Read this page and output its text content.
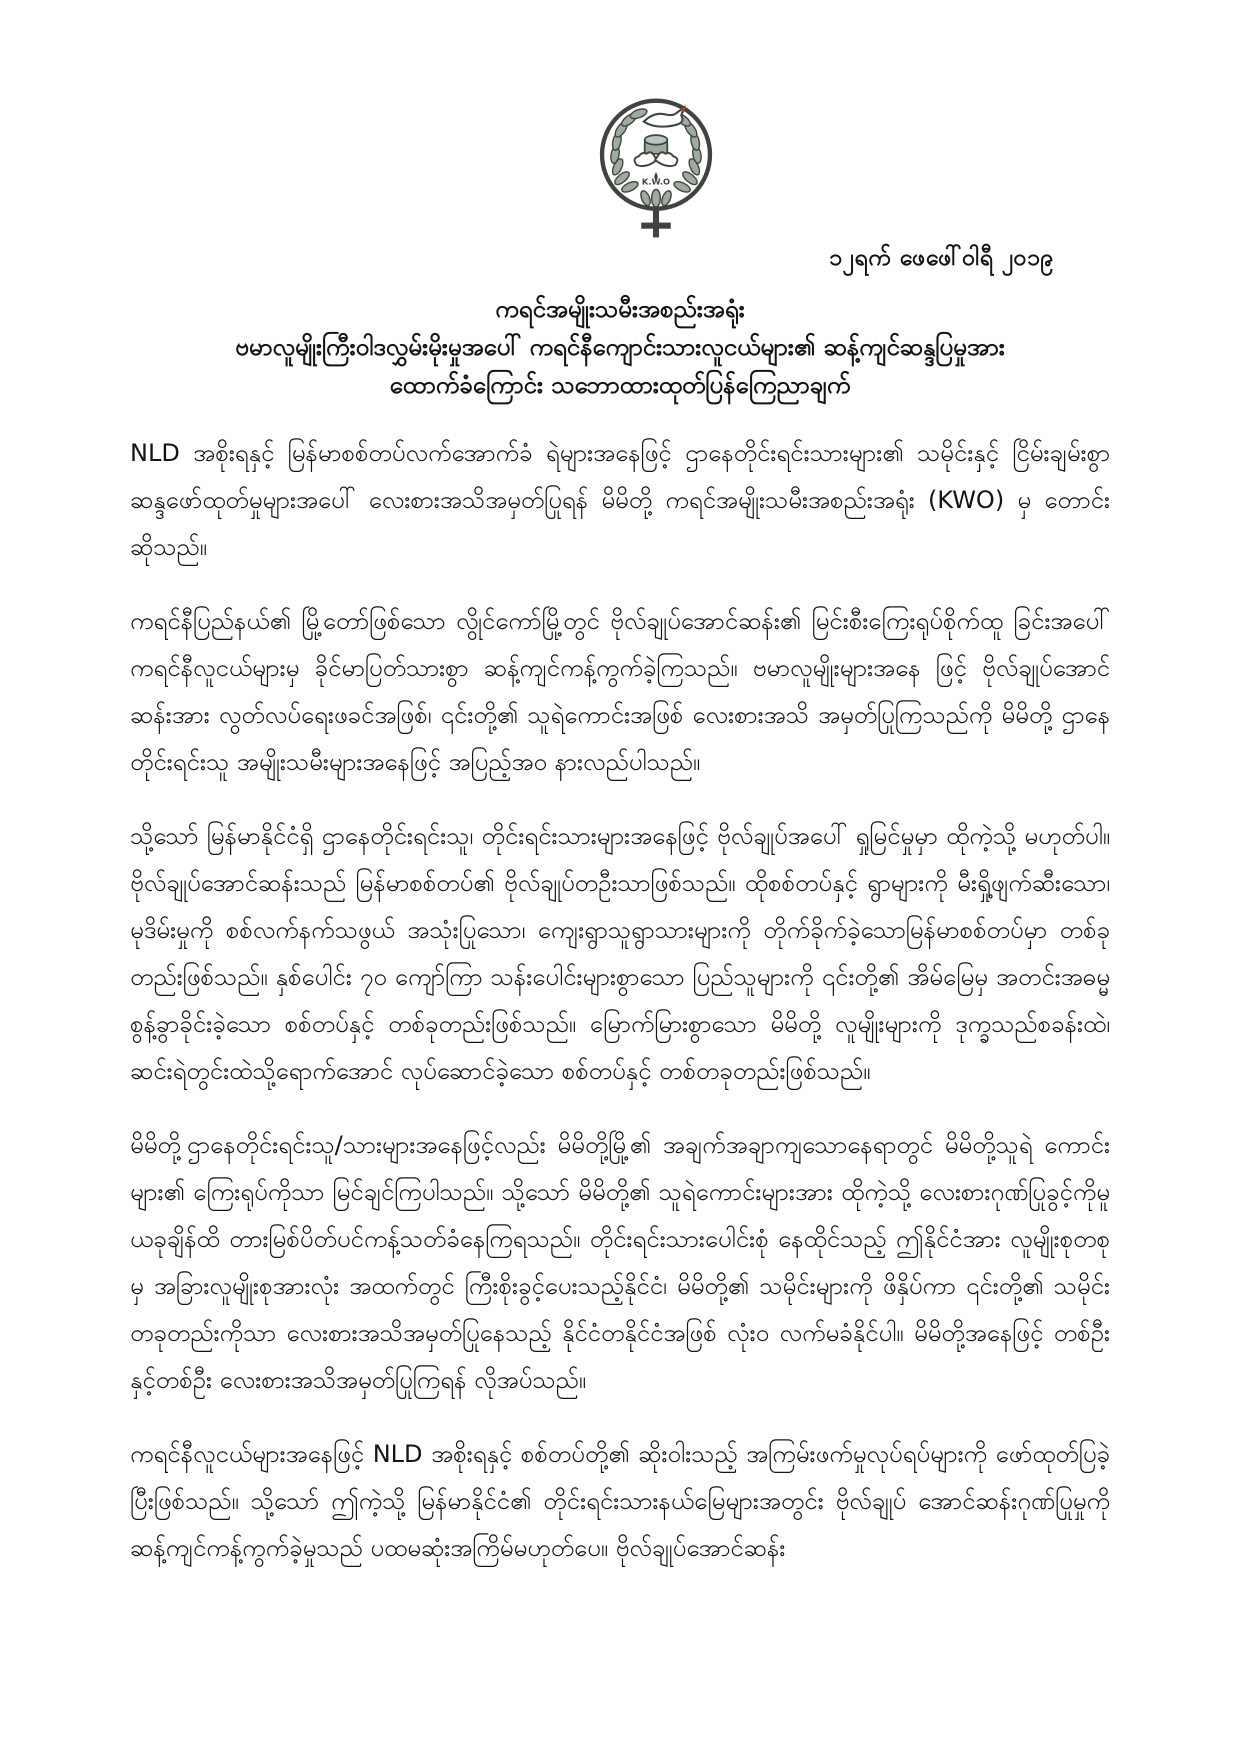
K.W.O
၁၂ရက် ဖေဖေါ်ဝါရီ ၂၀၁၉
ကရင်အမျိုးသမီးအစည်းအရုံး
ဗမာလူမျိုးကြီးဝါဒလွှမ်းမိုးမှုအပေါ် ကရင်နီကျောင်းသားလူငယ်များ၏ ဆန့်ကျင်ဆန္ဒပြမှုအား
ထောက်ခံကြောင်း သဘောထားထုတ်ပြန်ကြေညာချက်

NLD အစိုးရနှင့် မြန်မာစစ်တပ်လက်အောက်ခံ ရဲများအနေဖြင့် ဌာနေတိုင်းရင်းသားများ၏ သမိုင်းနှင့် ငြိမ်းချမ်းစွာ ဆန္ဒဖော်ထုတ်မှုများအပေါ် လေးစားအသိအမှတ်ပြုရန် မိမိတို့ ကရင်အမျိုးသမီးအစည်းအရုံး (KWO) မှ တောင်းဆိုသည်။

ကရင်နီပြည်နယ်၏ မြို့တော်ဖြစ်သော လွိုင်ကော်မြို့တွင် ဗိုလ်ချုပ်အောင်ဆန်း၏ မြင်းစီးကြေးရုပ်စိုက်ထူ ခြင်းအပေါ် ကရင်နီလူငယ်များမှ ခိုင်မာပြတ်သားစွာ ဆန့်ကျင်ကန့်ကွက်ခဲ့ကြသည်။ ဗမာလူမျိုးများအနေ ဖြင့် ဗိုလ်ချုပ်အောင်ဆန်းအား လွတ်လပ်ရေးဖခင်အဖြစ်၊ ၎င်းတို့၏ သူရဲကောင်းအဖြစ် လေးစားအသိ အမှတ်ပြုကြသည်ကို မိမိတို့ ဌာနေတိုင်းရင်းသူ အမျိုးသမီးများအနေဖြင့် အပြည့်အဝ နားလည်ပါသည်။

သို့သော် မြန်မာနိုင်ငံရှိ ဌာနေတိုင်းရင်းသူ၊ တိုင်းရင်းသားများအနေဖြင့် ဗိုလ်ချုပ်အပေါ် ရှုမြင်မှုမှာ ထိုကဲ့သို့ မဟုတ်ပါ။ ဗိုလ်ချုပ်အောင်ဆန်းသည် မြန်မာစစ်တပ်၏ ဗိုလ်ချုပ်တဦးသာဖြစ်သည်။ ထိုစစ်တပ်နှင့် ရွာများကို မီးရှို့ဖျက်ဆီးသော၊ မုဒိမ်းမှုကို စစ်လက်နက်သဖွယ် အသုံးပြုသော၊ ကျေးရွာသူရွာသားများကို တိုက်ခိုက်ခဲ့သောမြန်မာစစ်တပ်မှာ တစ်ခုတည်းဖြစ်သည်။ နှစ်ပေါင်း ၇၀ ကျော်ကြာ သန်းပေါင်းများစွာသော ပြည်သူများကို ၎င်းတို့၏ အိမ်မြေမှ အတင်းအဓမ္မ စွန့်ခွာခိုင်းခဲ့သော စစ်တပ်နှင့် တစ်ခုတည်းဖြစ်သည်။ မြောက်မြားစွာသော မိမိတို့ လူမျိုးများကို ဒုက္ခသည်စခန်းထဲ၊ ဆင်းရဲတွင်းထဲသို့ရောက်အောင် လုပ်ဆောင်ခဲ့သော စစ်တပ်နှင့် တစ်တခုတည်းဖြစ်သည်။

မိမိတို့ဌာနေတိုင်းရင်းသူ/သားများအနေဖြင့်လည်း မိမိတို့မြို့၏ အချက်အချာကျသောနေရာတွင် မိမိတို့သူရဲ ကောင်းများ၏ ကြေးရုပ်ကိုသာ မြင်ချင်ကြပါသည်။ သို့သော် မိမိတို့၏ သူရဲကောင်းများအား ထိုကဲ့သို့ လေးစားဂုဏ်ပြုခွင့်ကိုမူ ယခုချိန်ထိ တားမြစ်ပိတ်ပင်ကန့်သတ်ခံနေကြရသည်။ တိုင်းရင်းသားပေါင်းစုံ နေထိုင်သည့် ဤနိုင်ငံအား လူမျိုးစုတစုမှ အခြားလူမျိုးစုအားလုံး အထက်တွင် ကြီးစိုးခွင့်ပေးသည့်နိုင်ငံ၊ မိမိတို့၏ သမိုင်းများကို ဖိနှိပ်ကာ ၎င်းတို့၏ သမိုင်းတခုတည်းကိုသာ လေးစားအသိအမှတ်ပြုနေသည့် နိုင်ငံတနိုင်ငံအဖြစ် လုံးဝ လက်မခံနိုင်ပါ။ မိမိတို့အနေဖြင့် တစ်ဦးနှင့်တစ်ဦး လေးစားအသိအမှတ်ပြုကြရန် လိုအပ်သည်။

ကရင်နီလူငယ်များအနေဖြင့် NLD အစိုးရနှင့် စစ်တပ်တို့၏ ဆိုးဝါးသည့် အကြမ်းဖက်မှုလုပ်ရပ်များကို ဖော်ထုတ်ပြခဲ့ပြီးဖြစ်သည်။ သို့သော် ဤကဲ့သို့ မြန်မာနိုင်ငံ၏ တိုင်းရင်းသားနယ်မြေများအတွင်း ဗိုလ်ချုပ် အောင်ဆန်းဂုဏ်ပြုမှုကို ဆန့်ကျင်ကန့်ကွက်ခဲ့မှုသည် ပထမဆုံးအကြိမ်မဟုတ်ပေ။ ဗိုလ်ချုပ်အောင်ဆန်း
